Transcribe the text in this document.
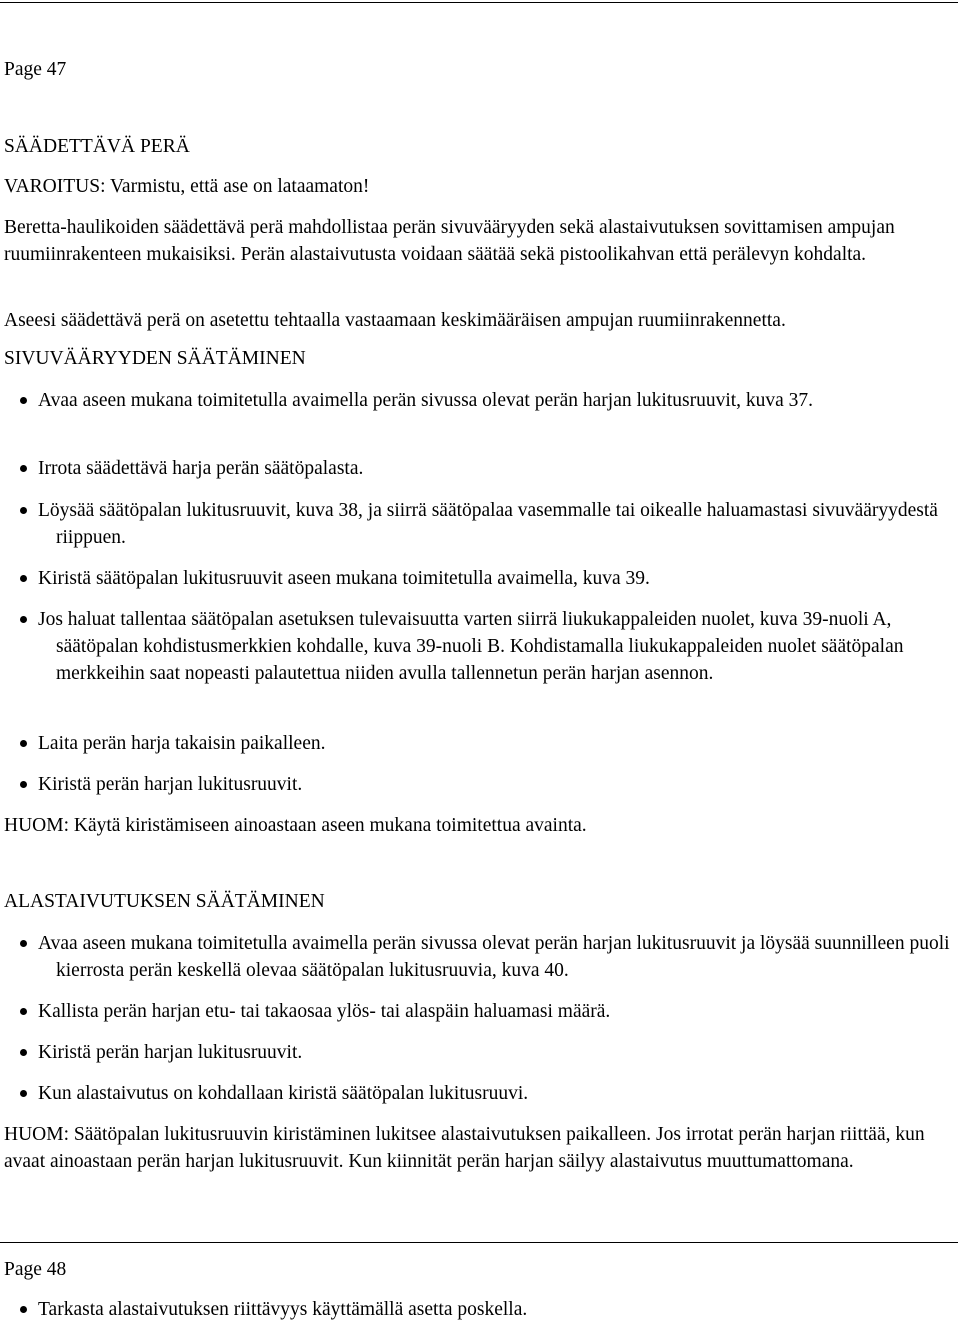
Page 47
SÄÄDETTÄVÄ PERÄ
VAROITUS: Varmistu, että ase on lataamaton!

Beretta-haulikoiden säädettävä perä mahdollistaa perän sivuvääryyden sekä alastaivutuksen sovittamisen ampujan ruumiinrakenteen mukaisiksi. Perän alastaivutusta voidaan säätää sekä pistoolikahvan että perälevyn kohdalta.

Aseesi säädettävä perä on asetettu tehtaalla vastaamaan keskimääräisen ampujan ruumiinrakennetta.

SIVUVÄÄRYYDEN SÄÄTÄMINEN
Avaa aseen mukana toimitetulla avaimella perän sivussa olevat perän harjan lukitusruuvit, kuva 37.
Irrota säädettävä harja perän säätöpalasta.
Löysää säätöpalan lukitusruuvit, kuva 38, ja siirrä säätöpalaa vasemmalle tai oikealle haluamastasi sivuvääryydestä riippuen.
Kiristä säätöpalan lukitusruuvit aseen mukana toimitetulla avaimella, kuva 39.
Jos haluat tallentaa säätöpalan asetuksen tulevaisuutta varten siirrä liukukappaleiden nuolet, kuva 39-nuoli A, säätöpalan kohdistusmerkkien kohdalle, kuva 39-nuoli B. Kohdistamalla liukukappaleiden nuolet säätöpalan merkkeihin saat nopeasti palautettua niiden avulla tallennetun perän harjan asennon.
Laita perän harja takaisin paikalleen.
Kiristä perän harjan lukitusruuvit.
HUOM: Käytä kiristämiseen ainoastaan aseen mukana toimitettua avainta.
ALASTAIVUTUKSEN SÄÄTÄMINEN
Avaa aseen mukana toimitetulla avaimella perän sivussa olevat perän harjan lukitusruuvit ja löysää suunnilleen puoli kierrosta perän keskellä olevaa säätöpalan lukitusruuvia, kuva 40.
Kallista perän harjan etu- tai takaosaa ylös- tai alaspäin haluamasi määrä.
Kiristä perän harjan lukitusruuvit.
Kun alastaivutus on kohdallaan kiristä säätöpalan lukitusruuvi.

HUOM: Säätöpalan lukitusruuvin kiristäminen lukitsee alastaivutuksen paikalleen. Jos irrotat perän harjan riittää, kun avaat ainoastaan perän harjan lukitusruuvit. Kun kiinnität perän harjan säilyy alastaivutus muuttumattomana.

Page 48
Tarkasta alastaivutuksen riittävyys käyttämällä asetta poskella.
